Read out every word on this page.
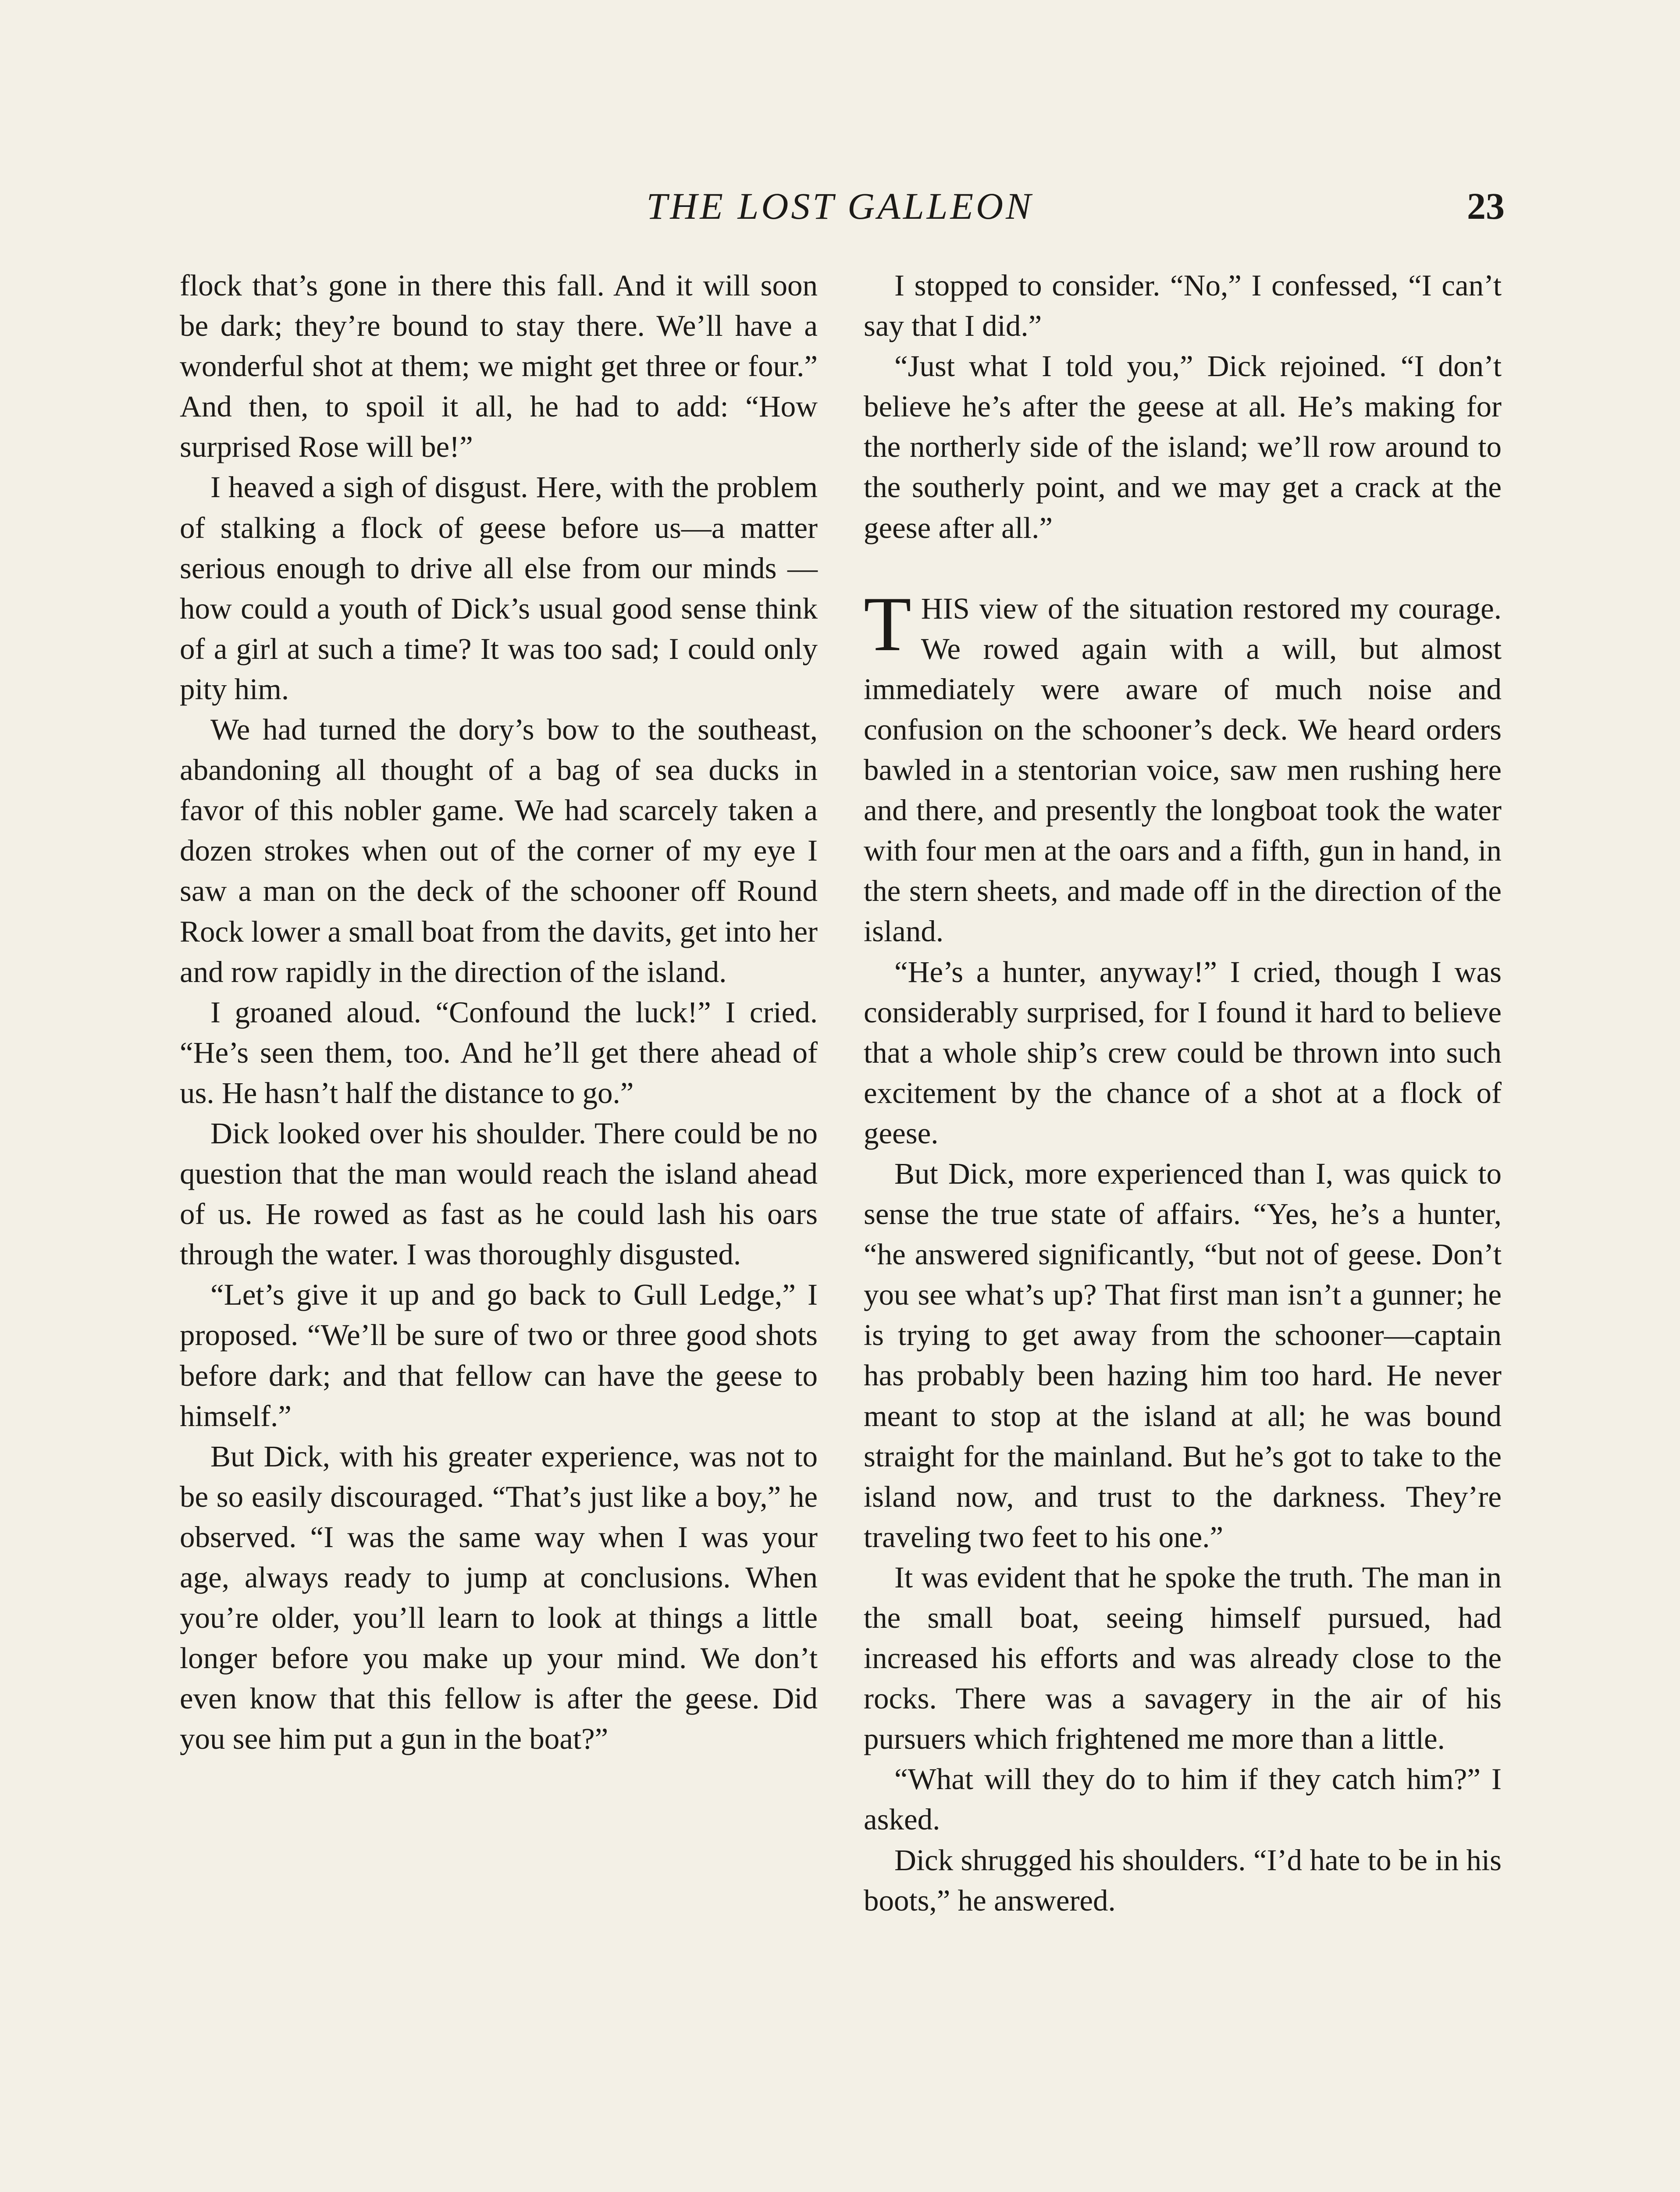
THE LOST GALLEON	23

flock that’s gone in there this fall. And it will soon be dark; they’re bound to stay there. We’ll have a wonderful shot at them; we might get three or four.” And then, to spoil it all, he had to add: “How surprised Rose will be!”

I heaved a sigh of disgust. Here, with the problem of stalking a flock of geese before us—a matter serious enough to drive all else from our minds —how could a youth of Dick’s usual good sense think of a girl at such a time? It was too sad; I could only pity him.

We had turned the dory’s bow to the southeast, abandoning all thought of a bag of sea ducks in favor of this nobler game. We had scarcely taken a dozen strokes when out of the corner of my eye I saw a man on the deck of the schooner off Round Rock lower a small boat from the davits, get into her and row rapidly in the direction of the island.

I groaned aloud. “Confound the luck!” I cried. “He’s seen them, too. And he’ll get there ahead of us. He hasn’t half the distance to go.”

Dick looked over his shoulder. There could be no question that the man would reach the island ahead of us. He rowed as fast as he could lash his oars through the water. I was thoroughly disgusted.

“Let’s give it up and go back to Gull Ledge,” I proposed. “We’ll be sure of two or three good shots before dark; and that fellow can have the geese to himself.”

But Dick, with his greater experience, was not to be so easily discouraged. “That’s just like a boy,” he observed. “I was the same way when I was your age, always ready to jump at conclusions. When you’re older, you’ll learn to look at things a little longer before you make up your mind. We don’t even know that this fellow is after the geese. Did you see him put a gun in the boat?”

I stopped to consider. “No,” I confessed, “I can’t say that I did.”

“Just what I told you,” Dick rejoined. “I don’t believe he’s after the geese at all. He’s making for the northerly side of the island; we’ll row around to the southerly point, and we may get a crack at the geese after all.”

THIS view of the situation restored my courage. We rowed again with a will, but almost immediately were aware of much noise and confusion on the schooner’s deck. We heard orders bawled in a stentorian voice, saw men rushing here and there, and presently the longboat took the water with four men at the oars and a fifth, gun in hand, in the stern sheets, and made off in the direction of the island.

“He’s a hunter, anyway!” I cried, though I was considerably surprised, for I found it hard to believe that a whole ship’s crew could be thrown into such excitement by the chance of a shot at a flock of geese.

But Dick, more experienced than I, was quick to sense the true state of affairs. “Yes, he’s a hunter, “he answered significantly, “but not of geese. Don’t you see what’s up? That first man isn’t a gunner; he is trying to get away from the schooner—captain has probably been hazing him too hard. He never meant to stop at the island at all; he was bound straight for the mainland. But he’s got to take to the island now, and trust to the darkness. They’re traveling two feet to his one.”

It was evident that he spoke the truth. The man in the small boat, seeing himself pursued, had increased his efforts and was already close to the rocks. There was a savagery in the air of his pursuers which frightened me more than a little.

“What will they do to him if they catch him?” I asked.

Dick shrugged his shoulders. “I’d hate to be in his boots,” he answered.
